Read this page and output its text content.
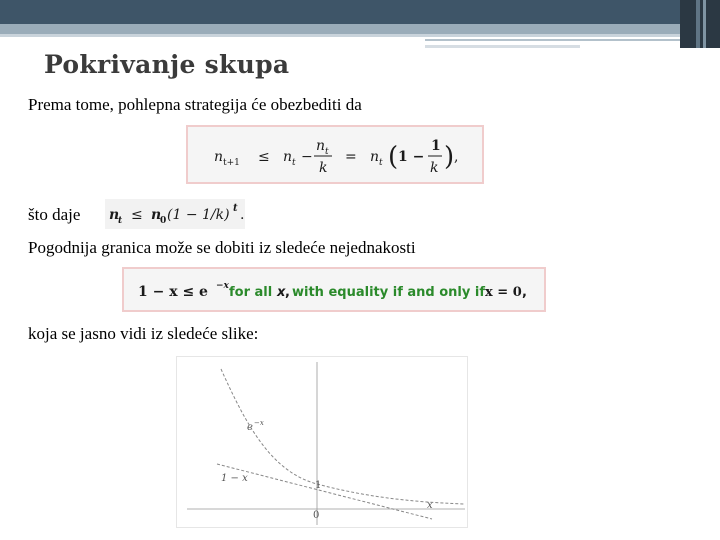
Pokrivanje skupa
Prema tome, pohlepna strategija će obezbediti da
n t+1 ≤ n t −
n t
k
= n t ( 1 −
1
k ) ,
što daje n
t ≤ n
0 (1 − 1/k) t .
Pogodnija granica može se dobiti iz sledeće nejednakosti
1 − x ≤ e −x for all x , with equality if and only if x = 0 ,
koja se jasno vidi iz sledeće slike:
e −x
1 − x
1
x
0
